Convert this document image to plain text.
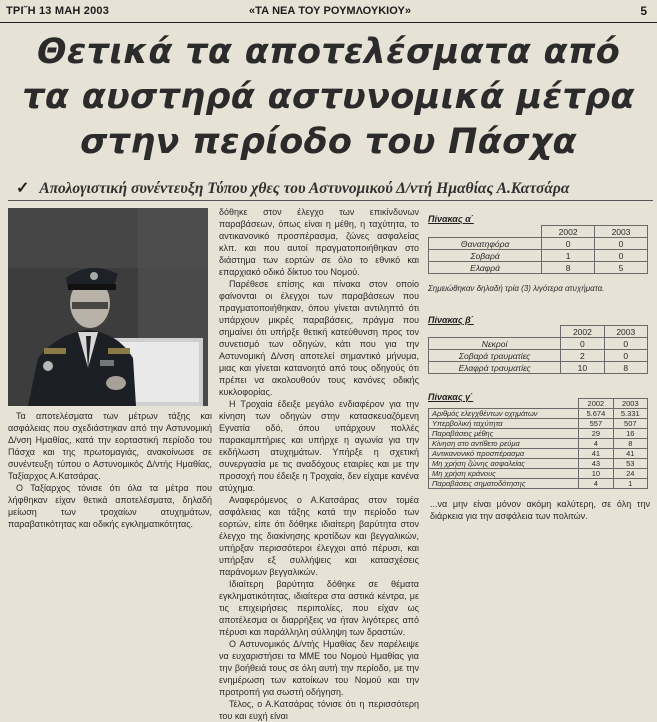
ΤΡΙ˝Η 13 ΜΑΗ 2003	«ΤΑ ΝΕΑ ΤΟΥ ΡΟΥΜΛΟΥΚΙΟΥ»	5
Θετικά τα αποτελέσματα από
τα αυστηρά αστυνομικά μέτρα
στην περίοδο του Πάσχα
✓ Απολογιστική συνέντευξη Τύπου χθες του Αστυνομικού Δ/ντή Ημαθίας Α.Κατσάρα
Τα αποτελέσματα των μέτρων τάξης και ασφάλειας που σχεδιάστηκαν από την Αστυνομική Δ/νση Ημαθίας, κατά την εορταστική περίοδο του Πάσχα και της πρωτομαγιάς, ανακοίνωσε σε συνέντευξη τύπου ο Αστυνομικός Δ/ντής Ημαθίας, Ταξίαρχος Α.Κατσάρας.
Ο Ταξίαρχος τόνισε ότι όλα τα μέτρα που λήφθηκαν είχαν θετικά αποτελέσματα, δηλαδή μείωση των τροχαίων ατυχημάτων, παραβατικότητας και οδικής εγκληματικότητας.

δόθηκε στον έλεγχο των επικίνδυνων παραβάσεων, όπως είναι η μέθη, η ταχύτητα, το αντικανονικό προσπέρασμα, ζώνες ασφαλείας κλπ. και που αυτοί πραγματοποιήθηκαν στο διάστημα των εορτών σε όλο το εθνικό και επαρχιακό οδικό δίκτυο του Νομού.

Παρέθεσε επίσης και πίνακα στον οποίο φαίνονται οι έλεγχοι των παραβάσεων που πραγματοποιήθηκαν, όπου γίνεται αντιληπτό ότι υπάρχουν μικρές παραβάσεις, πράγμα που σημαίνει ότι υπήρξε θετική κατεύθυνση προς τον συνετισμό των οδηγών, κάτι που για την Αστυνομική Δ/νση αποτελεί σημαντικό μήνυμα, μιας και γίνεται κατανοητό από τους οδηγούς ότι πρέπει να ακολουθούν τους κανόνες οδικής κυκλοφορίας.

Η Τροχαία έδειξε μεγάλο ενδιαφέρον για την κίνηση των οδηγών στην κατασκευαζόμενη Εγνατία οδό, όπου υπάρχουν πολλές παρακαμπτήριες και υπήρχε η αγωνία για την εκδήλωση ατυχημάτων. Υπήρξε η σχετική συνεργασία με τις αναδόχους εταιρίες και με την προσοχή που έδειξε η Τροχαία, δεν είχαμε κανένα ατύχημα.

Αναφερόμενος ο Α.Κατσάρας στον τομέα ασφάλειας και τάξης κατά την περίοδο των εορτών, είπε ότι δόθηκε ιδιαίτερη βαρύτητα στον έλεγχο της διακίνησης κροτίδων και βεγγαλικών, υπήρξαν περισσότεροι έλεγχοι από πέρυσι, και υπήρξαν εξ συλλήψεις και κατασχέσεις παράνομων βεγγαλικών.

Ιδιαίτερη βαρύτητα δόθηκε σε θέματα εγκληματικότητας, ιδιαίτερα στα αστικά κέντρα, με τις επιχειρήσεις περιπολίες, που είχαν ως αποτέλεσμα οι διαρρήξεις να ήταν λιγότερες από πέρυσι και παράλληλη σύλληψη των δραστών.

Ο Αστυνομικός Δ/ντής Ημαθίας δεν παρέλειψε να ευχαριστήσει τα ΜΜΕ του Νομού Ημαθίας για την βοήθειά τους σε όλη αυτή την περίοδο, με την ενημέρωση των κατοίκων του Νομού και την προτροπή για σωστή οδήγηση.

Τέλος, ο Α.Κατσάρας τόνισε ότι η περισσότερη του και ευχή είναι

Πίνακας α΄
	2002	2003
Θανατηφόρα	0	0
Σοβαρά	1	0
Ελαφρά	8	5
Σημειώθηκαν δηλαδή τρία (3) λιγότερα ατυχήματα.
Πίνακας β΄
	2002	2003
Νεκροί	0	0
Σοβαρά τραυματίες	2	0
Ελαφρά τραυματίες	10	8
Πίνακας γ΄
	2002	2003
Αριθμός ελεγχθέντων οχημάτων	5.674	5.331
Υπερβολική ταχύτητα	557	507
Παραβάσεις μέθης	29	16
Κίνηση στο αντίθετο ρεύμα	4	8
Αντικανονικό προσπέρασμα	41	41
Μη χρήση ζώνης ασφαλείας	43	53
Μη χρήση κράνους	10	24
Παραβάσεις σηματοδότησης	4	1
...να μην είναι μόνον ακόμη καλύτερη, σε όλη την διάρκεια για την ασφάλεια των πολιτών.
